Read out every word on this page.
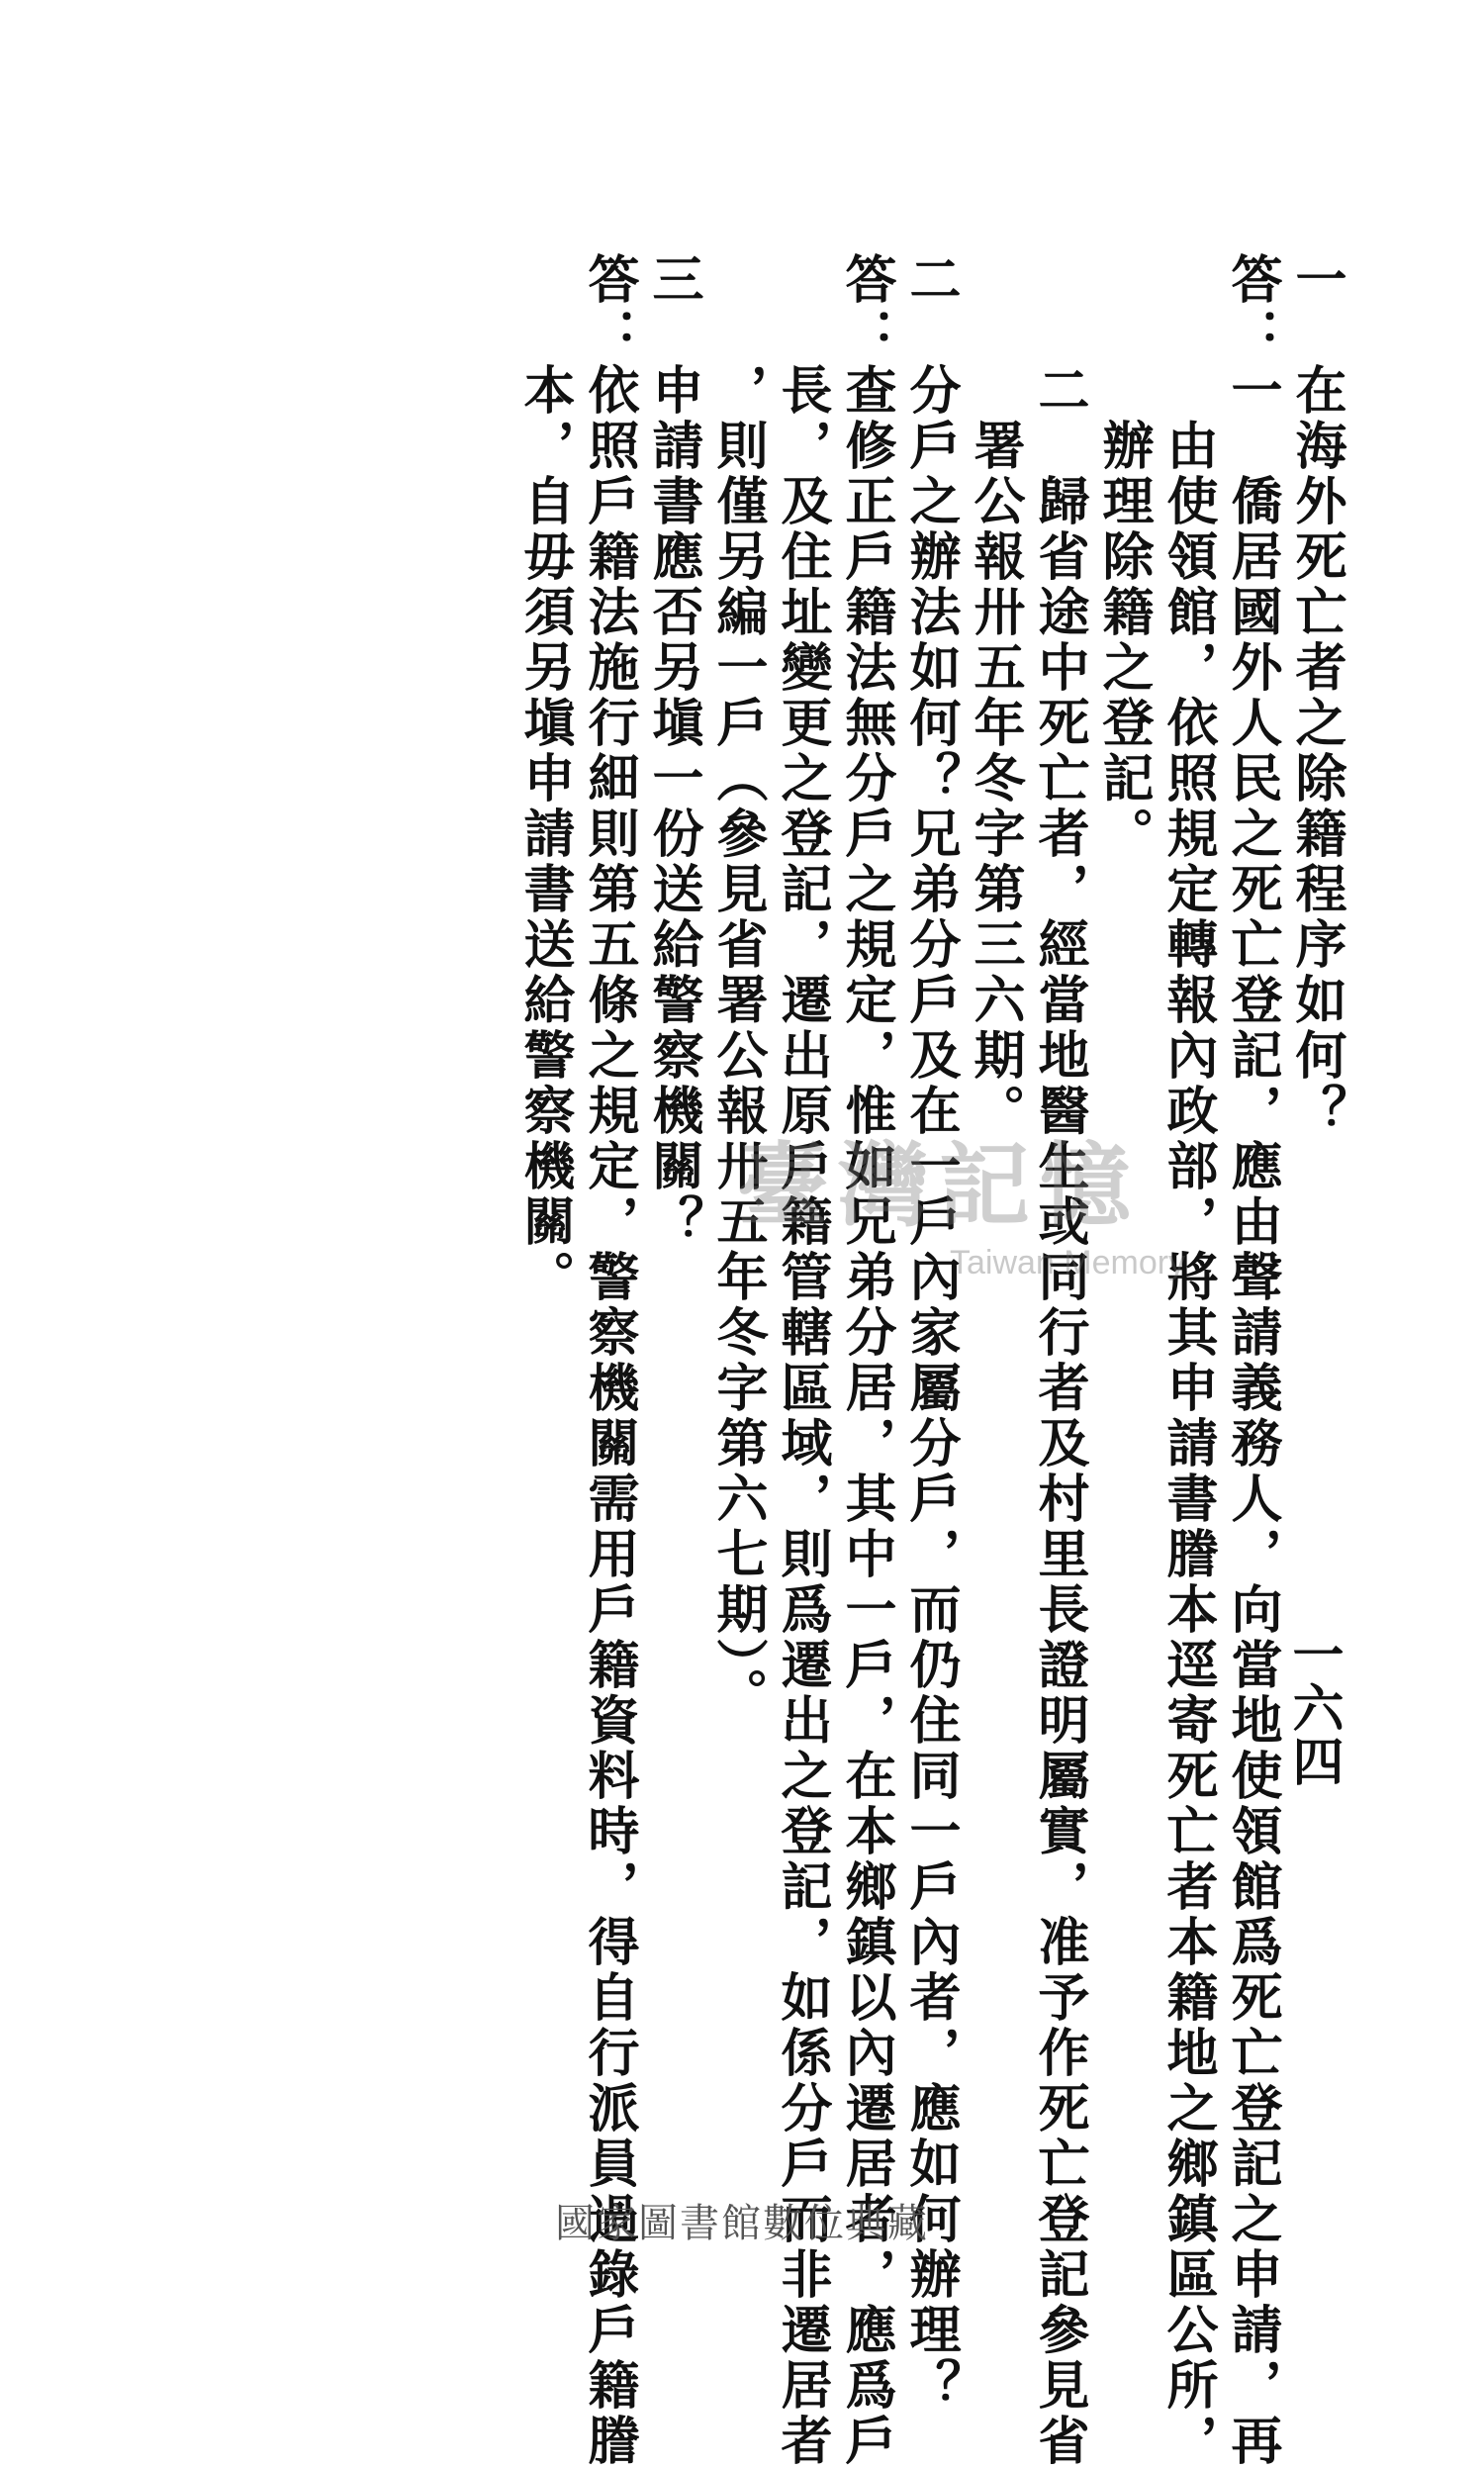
一六四
一　在海外死亡者之除籍程序如何？
答：一　僑居國外人民之死亡登記，應由聲請義務人，向當地使領館爲死亡登記之申請，再
　　　由使領館，依照規定轉報內政部，將其申請書謄本逕寄死亡者本籍地之鄉鎮區公所，
　　　辦理除籍之登記。
　　二　歸省途中死亡者，經當地醫生或同行者及村里長證明屬實，准予作死亡登記參見省
　　　署公報卅五年冬字第三六期。
二　分戶之辦法如何？兄弟分戶及在一戶內家屬分戶，而仍住同一戶內者，應如何辦理？
答：查修正戶籍法無分戶之規定，惟如兄弟分居，其中一戶，在本鄉鎮以內遷居者，應爲戶
　　長，及住址變更之登記，遷出原戶籍管轄區域，則爲遷出之登記，如係分戶而非遷居者
　　，則僅另編一戶（參見省署公報卅五年冬字第六七期）。
三　申請書應否另塡一份送給警察機關？
答：依照戶籍法施行細則第五條之規定，警察機關需用戶籍資料時，得自行派員過錄戶籍謄
　　本，自毋須另塡申請書送給警察機關。 臺灣記憶
Taiwan Memory
國家圖書館數位典藏
